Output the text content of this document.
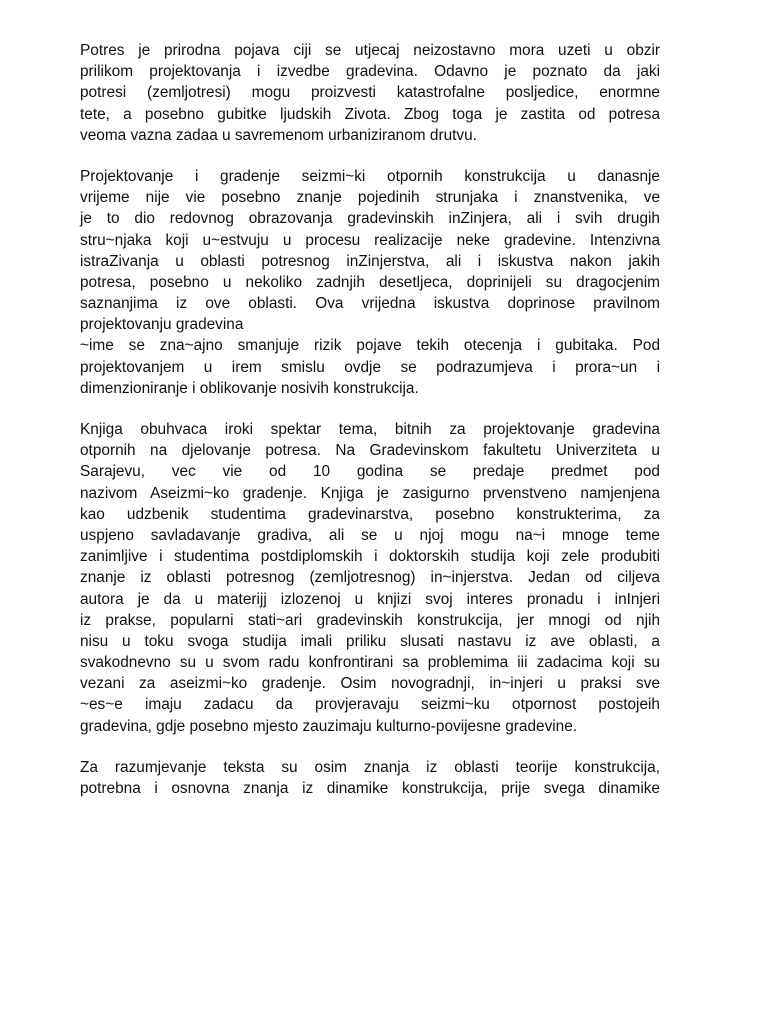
Potres je prirodna pojava ciji se utjecaj neizostavno mora uzeti u obzir
prilikom projektovanja i izvedbe gradevina. Odavno je poznato da jaki
potresi (zemljotresi) mogu proizvesti katastrofalne posljedice, enormne
tete, a posebno gubitke ljudskih Zivota. Zbog toga je zastita od potresa
veoma vazna zadaa u savremenom urbaniziranom drutvu.
Projektovanje i gradenje seizmi~ki otpornih konstrukcija u danasnje
vrijeme nije vie posebno znanje pojedinih strunjaka i znanstvenika, ve
je to dio redovnog obrazovanja gradevinskih inZinjera, ali i svih drugih
stru~njaka koji u~estvuju u procesu realizacije neke gradevine. Intenzivna
istraZivanja u oblasti potresnog inZinjerstva, ali i iskustva nakon jakih
potresa, posebno u nekoliko zadnjih desetljeca, doprinijeli su dragocjenim
saznanjima iz ove oblasti. Ova vrijedna iskustva doprinose pravilnom
projektovanju gradevina
~ime se zna~ajno smanjuje rizik pojave tekih otecenja i gubitaka. Pod
projektovanjem u irem smislu ovdje se podrazumjeva i prora~un i
dimenzioniranje i oblikovanje nosivih konstrukcija.
Knjiga obuhvaca iroki spektar tema, bitnih za projektovanje gradevina
otpornih na djelovanje potresa. Na Gradevinskom fakultetu Univerziteta u
Sarajevu, vec vie od 10 godina se predaje predmet pod
nazivom Aseizmi~ko gradenje. Knjiga je zasigurno prvenstveno namjenjena
kao udzbenik studentima gradevinarstva, posebno konstrukterima, za
uspjeno savladavanje gradiva, ali se u njoj mogu na~i mnoge teme
zanimljive i studentima postdiplomskih i doktorskih studija koji zele produbiti
znanje iz oblasti potresnog (zemljotresnog) in~injerstva. Jedan od ciljeva
autora je da u materijj izlozenoj u knjizi svoj interes pronadu i inInjeri
iz prakse, popularni stati~ari gradevinskih konstrukcija, jer mnogi od njih
nisu u toku svoga studija imali priliku slusati nastavu iz ave oblasti, a
svakodnevno su u svom radu konfrontirani sa problemima iii zadacima koji su
vezani za aseizmi~ko gradenje. Osim novogradnji, in~injeri u praksi sve
~es~e imaju zadacu da provjeravaju seizmi~ku otpornost postojeih
gradevina, gdje posebno mjesto zauzimaju kulturno-povijesne gradevine.
Za razumjevanje teksta su osim znanja iz oblasti teorije konstrukcija,
potrebna i osnovna znanja iz dinamike konstrukcija, prije svega dinamike
